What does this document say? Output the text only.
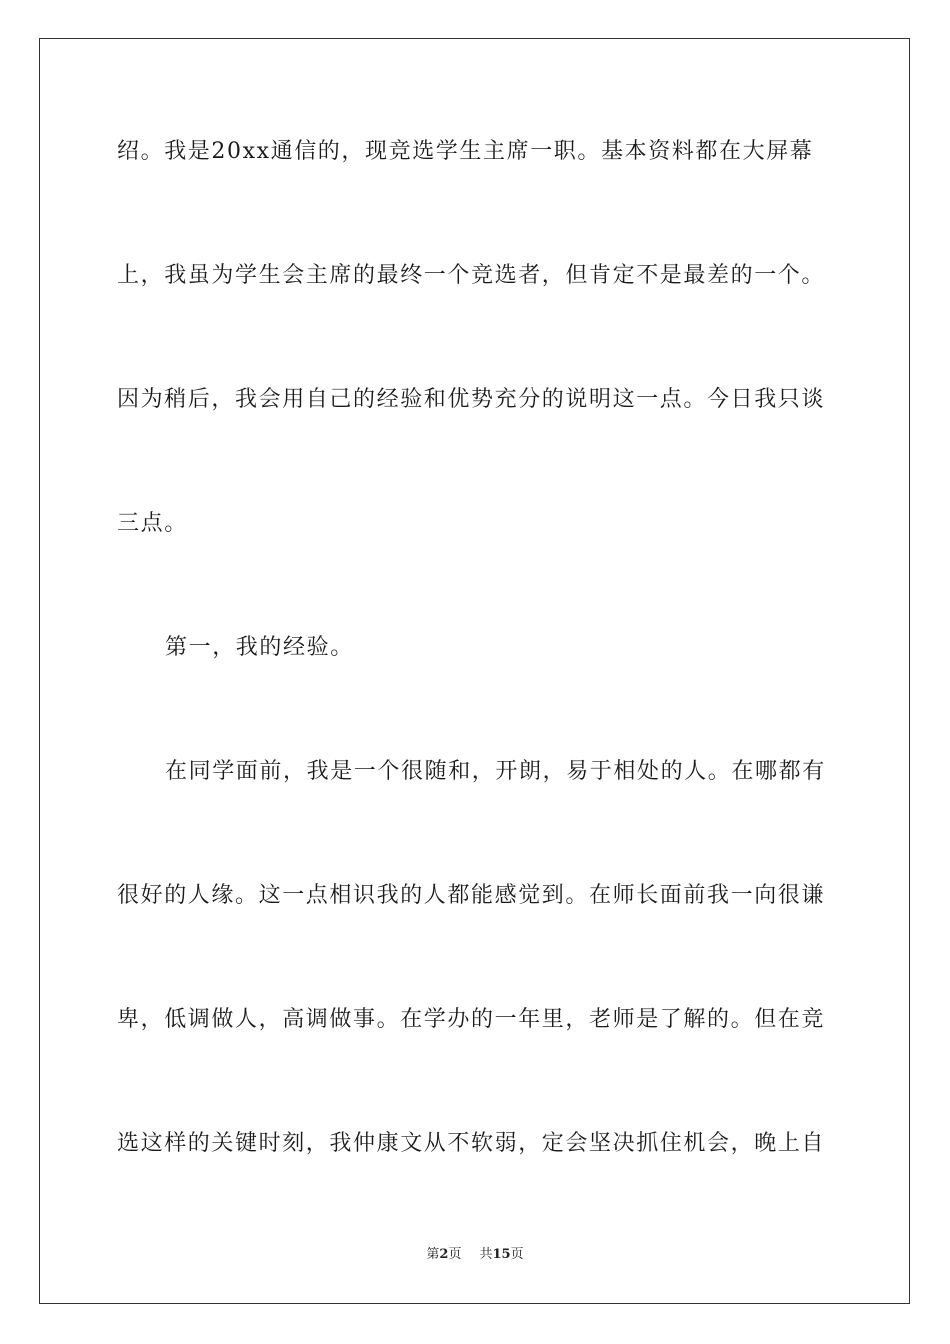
绍。我是20xx通信的，现竞选学生主席一职。基本资料都在大屏幕
上，我虽为学生会主席的最终一个竞选者，但肯定不是最差的一个。
因为稍后，我会用自己的经验和优势充分的说明这一点。今日我只谈
三点。
第一，我的经验。
在同学面前，我是一个很随和，开朗，易于相处的人。在哪都有
很好的人缘。这一点相识我的人都能感觉到。在师长面前我一向很谦
卑，低调做人，高调做事。在学办的一年里，老师是了解的。但在竞
选这样的关键时刻，我仲康文从不软弱，定会坚决抓住机会，晚上自
第2页 共15页
